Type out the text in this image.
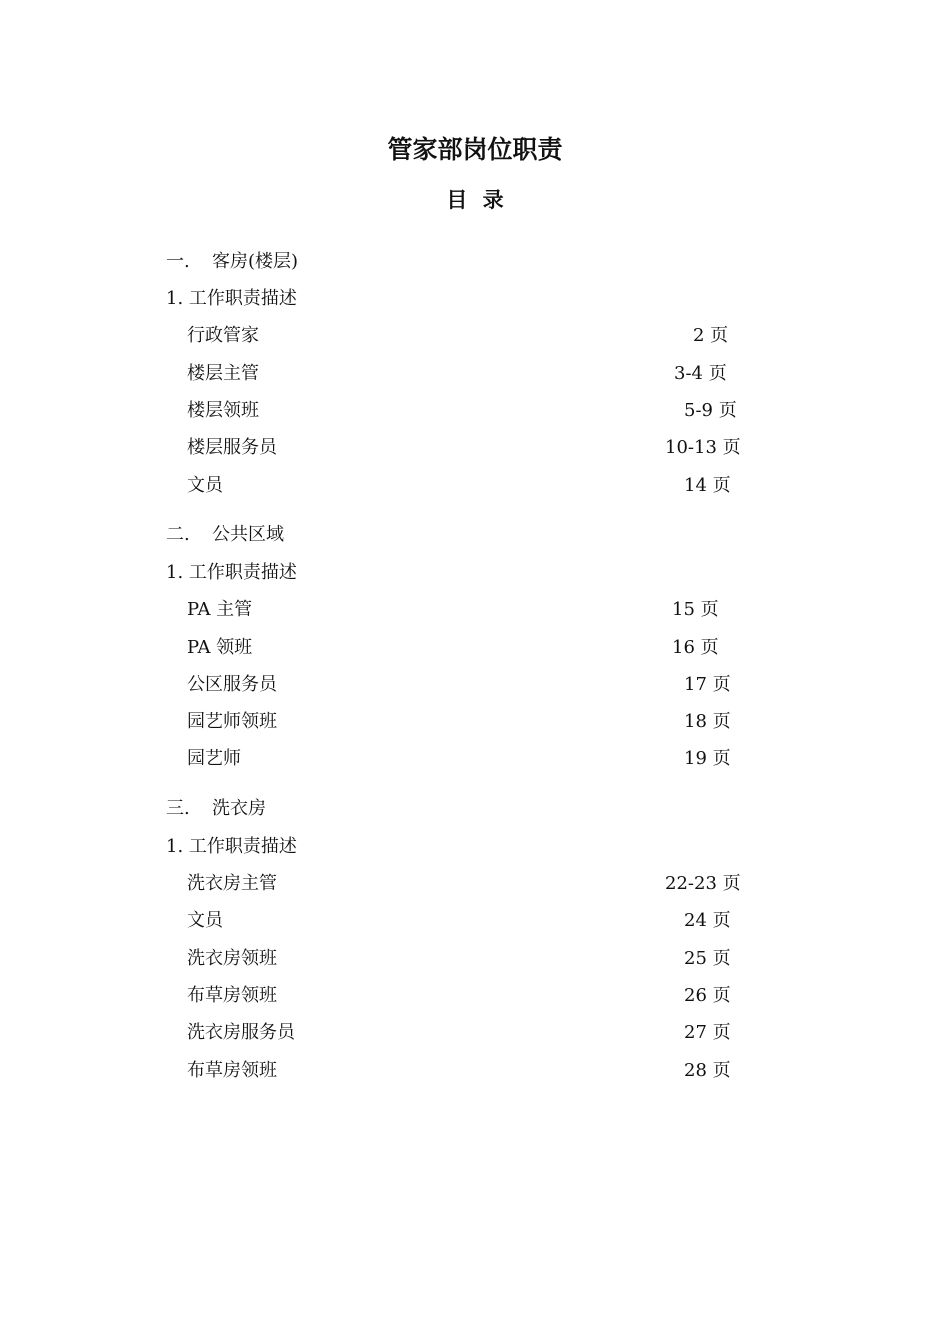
管家部岗位职责
目 录
一. 客房(楼层)
1. 工作职责描述
行政管家	2 页
楼层主管	3-4 页
楼层领班	5-9 页
楼层服务员	10-13 页
文员	14 页
二. 公共区域
1. 工作职责描述
PA 主管	15 页
PA 领班	16 页
公区服务员	17 页
园艺师领班	18 页
园艺师	19 页
三. 洗衣房
1. 工作职责描述
洗衣房主管	22-23 页
文员	24 页
洗衣房领班	25 页
布草房领班	26 页
洗衣房服务员	27 页
布草房领班	28 页
